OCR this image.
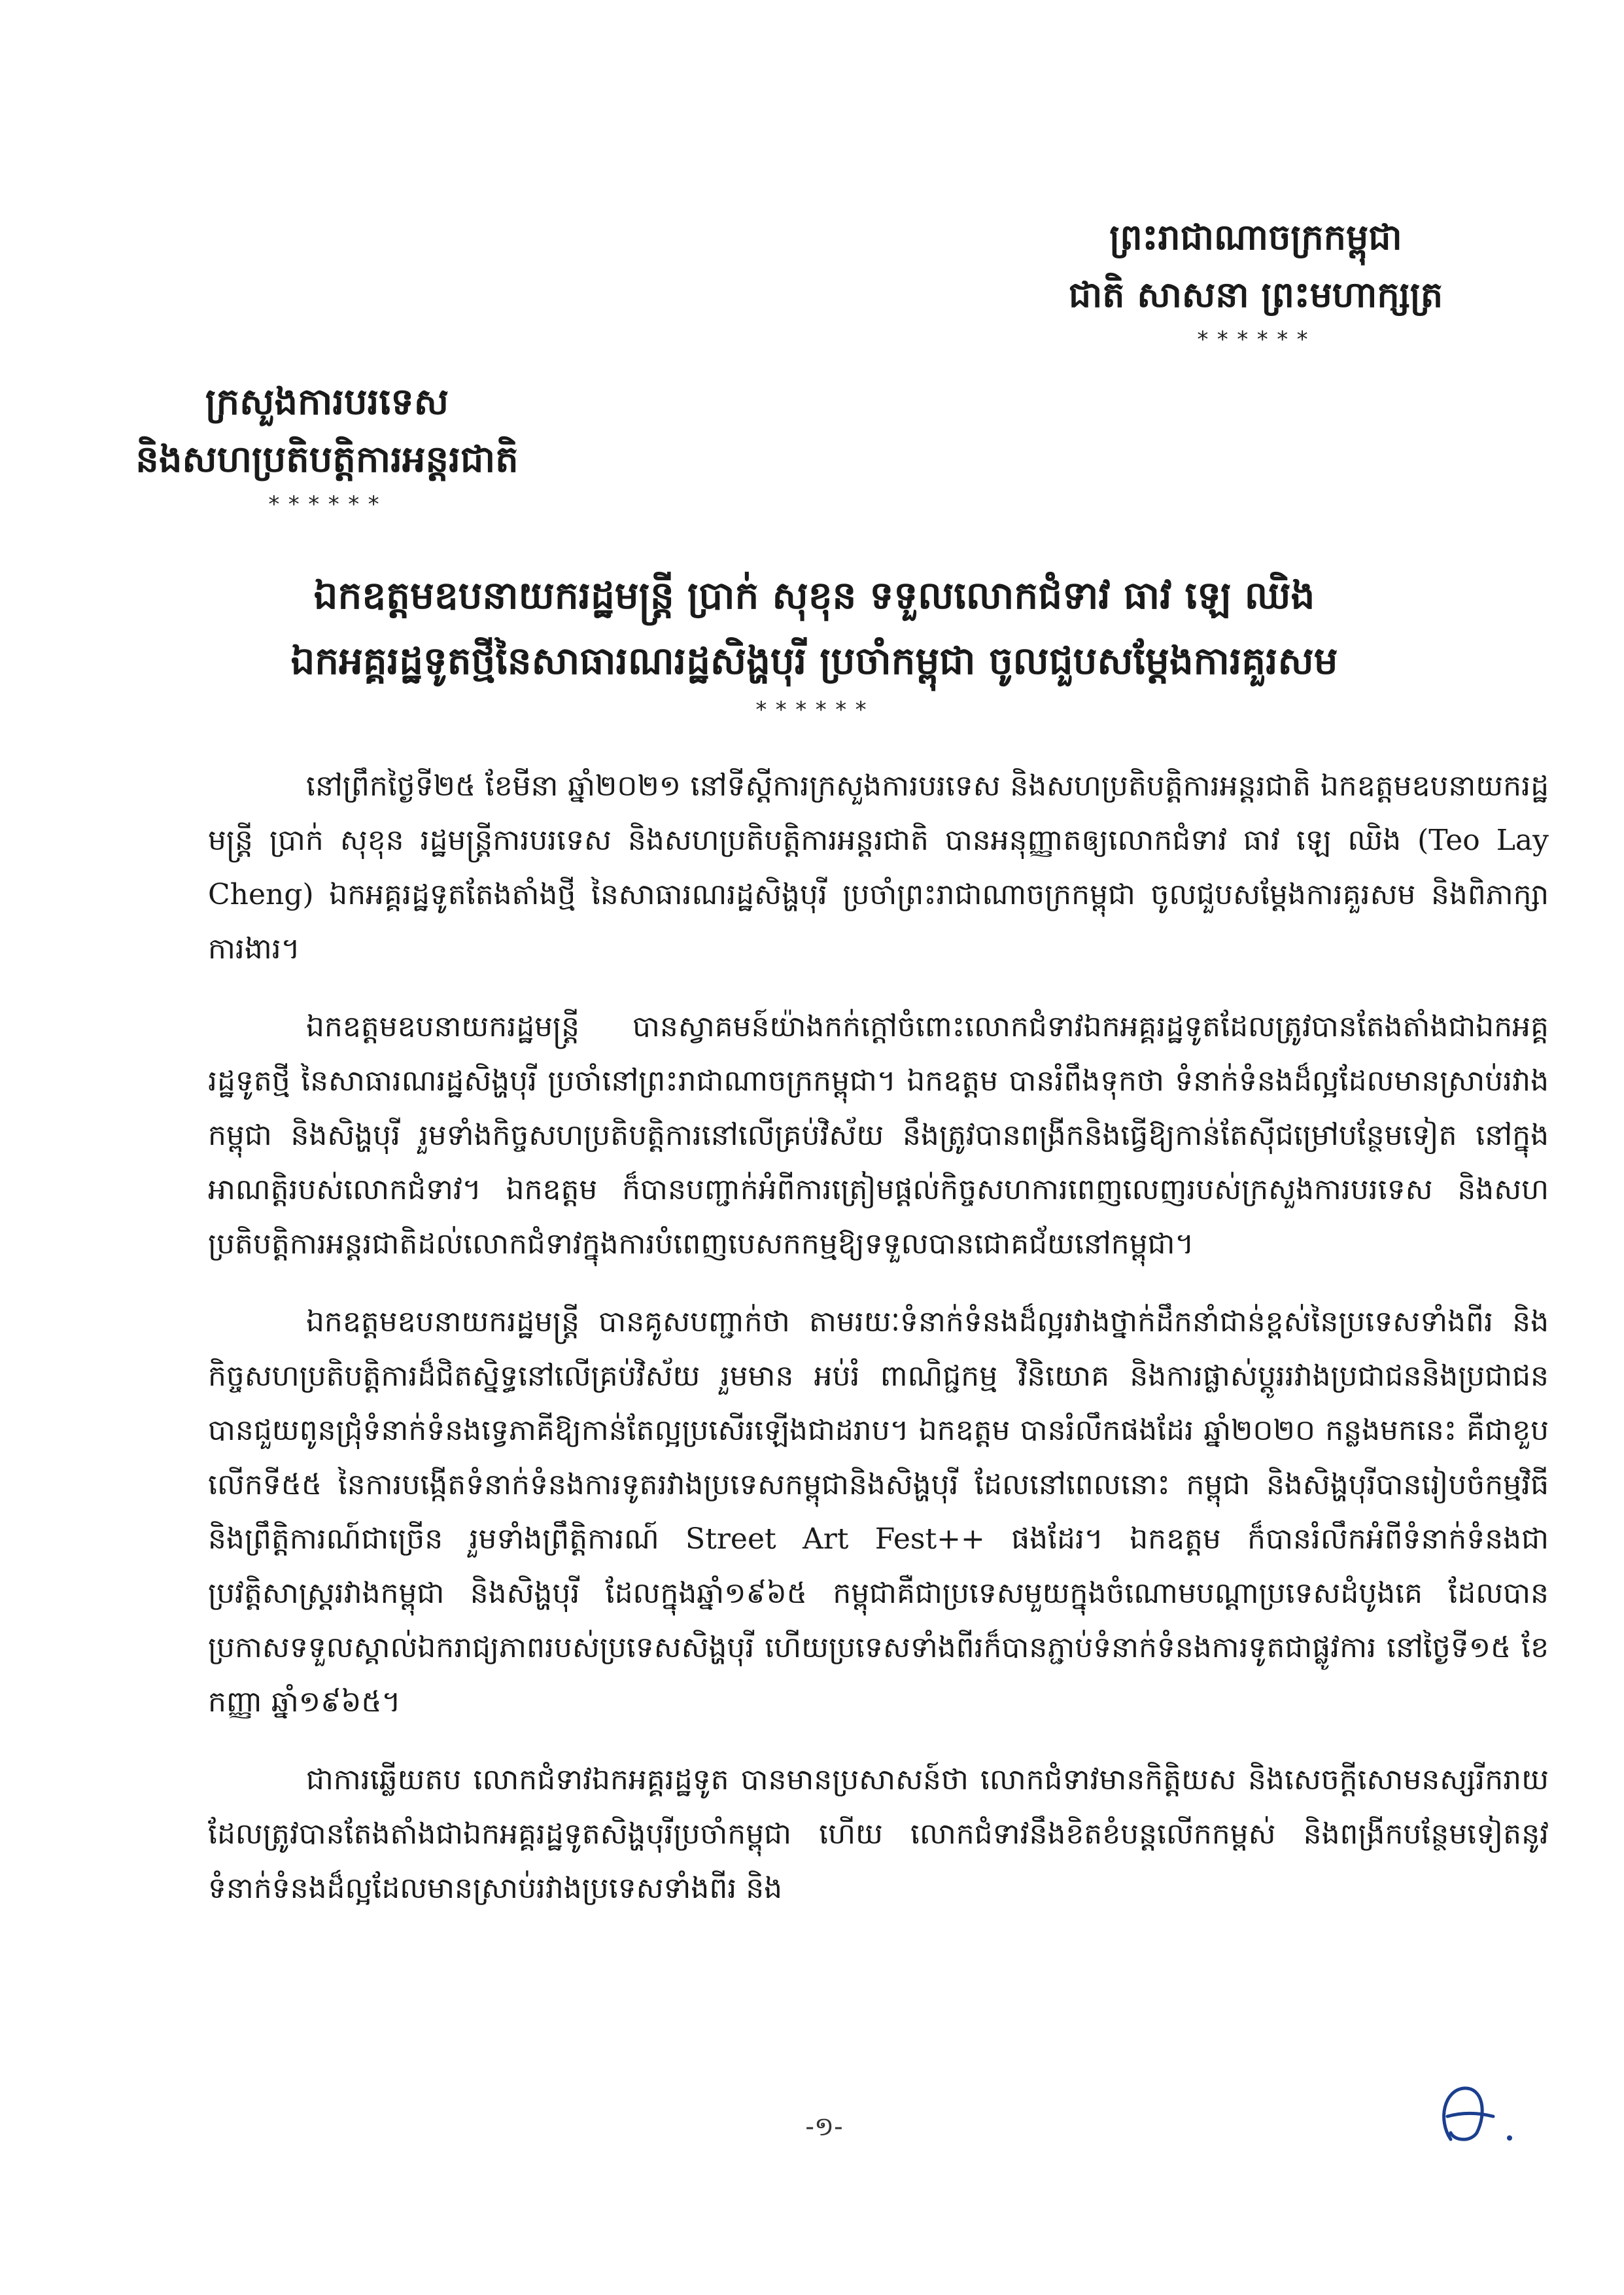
ព្រះរាជាណាចក្រកម្ពុជា
ជាតិ សាសនា ព្រះមហាក្សត្រ
******
ក្រសួងការបរទេស
និងសហប្រតិបត្តិការអន្តរជាតិ
******
ឯកឧត្តមឧបនាយករដ្ឋមន្ត្រី ប្រាក់ សុខុន ទទួលលោកជំទាវ ធាវ ឡេ ឈិង
ឯកអគ្គរដ្ឋទូតថ្មីនៃសាធារណរដ្ឋសិង្ហបុរី ប្រចាំកម្ពុជា ចូលជួបសម្តែងការគួរសម
******

នៅព្រឹកថ្ងៃទី២៥ ខែមីនា ឆ្នាំ២០២១ នៅទីស្តីការក្រសួងការបរទេស និងសហប្រតិបត្តិការអន្តរជាតិ ឯកឧត្តមឧបនាយករដ្ឋមន្ត្រី ប្រាក់ សុខុន រដ្ឋមន្ត្រីការបរទេស និងសហប្រតិបត្តិការអន្តរជាតិ បានអនុញ្ញាតឲ្យលោកជំទាវ ធាវ ឡេ ឈិង (Teo Lay Cheng) ឯកអគ្គរដ្ឋទូតតែងតាំងថ្មី នៃសាធារណរដ្ឋសិង្ហបុរី ប្រចាំព្រះរាជាណាចក្រកម្ពុជា ចូលជួបសម្តែងការគួរសម និងពិភាក្សាការងារ។

ឯកឧត្តមឧបនាយករដ្ឋមន្ត្រី បានស្វាគមន៍យ៉ាងកក់ក្តៅចំពោះលោកជំទាវឯកអគ្គរដ្ឋទូតដែលត្រូវបានតែងតាំងជាឯកអគ្គរដ្ឋទូតថ្មី នៃសាធារណរដ្ឋសិង្ហបុរី ប្រចាំនៅព្រះរាជាណាចក្រកម្ពុជា។ ឯកឧត្តម បានរំពឹងទុកថា ទំនាក់ទំនងដ៏ល្អដែលមានស្រាប់រវាងកម្ពុជា និងសិង្ហបុរី រួមទាំងកិច្ចសហប្រតិបត្តិការនៅលើគ្រប់វិស័យ នឹងត្រូវបានពង្រីកនិងធ្វើឱ្យកាន់តែស៊ីជម្រៅបន្ថែមទៀត នៅក្នុងអាណត្តិរបស់លោកជំទាវ។ ឯកឧត្តម ក៏បានបញ្ជាក់អំពីការត្រៀមផ្តល់កិច្ចសហការពេញលេញរបស់ក្រសួងការបរទេស និងសហប្រតិបត្តិការអន្តរជាតិដល់លោកជំទាវក្នុងការបំពេញបេសកកម្មឱ្យទទួលបានជោគជ័យនៅកម្ពុជា។

ឯកឧត្តមឧបនាយករដ្ឋមន្ត្រី បានគូសបញ្ជាក់ថា តាមរយៈទំនាក់ទំនងដ៏ល្អរវាងថ្នាក់ដឹកនាំជាន់ខ្ពស់នៃប្រទេសទាំងពីរ និងកិច្ចសហប្រតិបត្តិការដ៏ជិតស្និទ្ធនៅលើគ្រប់វិស័យ រួមមាន អប់រំ ពាណិជ្ជកម្ម វិនិយោគ និងការផ្លាស់ប្តូររវាងប្រជាជននិងប្រជាជន បានជួយពូនជ្រុំទំនាក់ទំនងទ្វេភាគីឱ្យកាន់តែល្អប្រសើរឡើងជាដរាប។ ឯកឧត្តម បានរំលឹកផងដែរ ឆ្នាំ២០២០ កន្លងមកនេះ គឺជាខួបលើកទី៥៥ នៃការបង្កើតទំនាក់ទំនងការទូតរវាងប្រទេសកម្ពុជានិងសិង្ហបុរី ដែលនៅពេលនោះ កម្ពុជា និងសិង្ហបុរីបានរៀបចំកម្មវិធី និងព្រឹត្តិការណ៍ជាច្រើន រួមទាំងព្រឹត្តិការណ៍ Street Art Fest++ ផងដែរ។ ឯកឧត្តម ក៏បានរំលឹកអំពីទំនាក់ទំនងជាប្រវត្តិសាស្ត្ររវាងកម្ពុជា និងសិង្ហបុរី ដែលក្នុងឆ្នាំ១៩៦៥ កម្ពុជាគឺជាប្រទេសមួយក្នុងចំណោមបណ្តាប្រទេសដំបូងគេ ដែលបានប្រកាសទទួលស្គាល់ឯករាជ្យភាពរបស់ប្រទេសសិង្ហបុរី ហើយប្រទេសទាំងពីរក៏បានភ្ជាប់ទំនាក់ទំនងការទូតជាផ្លូវការ នៅថ្ងៃទី១៥ ខែកញ្ញា ឆ្នាំ១៩៦៥។

ជាការឆ្លើយតប លោកជំទាវឯកអគ្គរដ្ឋទូត បានមានប្រសាសន៍ថា លោកជំទាវមានកិត្តិយស និងសេចក្តីសោមនស្សរីករាយ ដែលត្រូវបានតែងតាំងជាឯកអគ្គរដ្ឋទូតសិង្ហបុរីប្រចាំកម្ពុជា ហើយ លោកជំទាវនឹងខិតខំបន្តលើកកម្ពស់ និងពង្រីកបន្ថែមទៀតនូវទំនាក់ទំនងដ៏ល្អដែលមានស្រាប់រវាងប្រទេសទាំងពីរ និង

-១-
